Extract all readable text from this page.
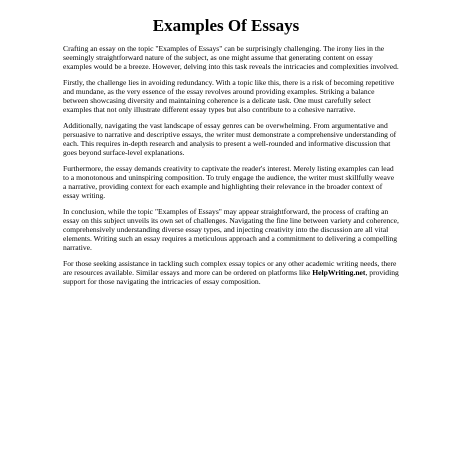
Examples Of Essays

Crafting an essay on the topic "Examples of Essays" can be surprisingly challenging. The irony lies in the seemingly straightforward nature of the subject, as one might assume that generating content on essay examples would be a breeze. However, delving into this task reveals the intricacies and complexities involved.

Firstly, the challenge lies in avoiding redundancy. With a topic like this, there is a risk of becoming repetitive and mundane, as the very essence of the essay revolves around providing examples. Striking a balance between showcasing diversity and maintaining coherence is a delicate task. One must carefully select examples that not only illustrate different essay types but also contribute to a cohesive narrative.

Additionally, navigating the vast landscape of essay genres can be overwhelming. From argumentative and persuasive to narrative and descriptive essays, the writer must demonstrate a comprehensive understanding of each. This requires in-depth research and analysis to present a well-rounded and informative discussion that goes beyond surface-level explanations.

Furthermore, the essay demands creativity to captivate the reader's interest. Merely listing examples can lead to a monotonous and uninspiring composition. To truly engage the audience, the writer must skillfully weave a narrative, providing context for each example and highlighting their relevance in the broader context of essay writing.

In conclusion, while the topic "Examples of Essays" may appear straightforward, the process of crafting an essay on this subject unveils its own set of challenges. Navigating the fine line between variety and coherence, comprehensively understanding diverse essay types, and injecting creativity into the discussion are all vital elements. Writing such an essay requires a meticulous approach and a commitment to delivering a compelling narrative.

For those seeking assistance in tackling such complex essay topics or any other academic writing needs, there are resources available. Similar essays and more can be ordered on platforms like HelpWriting.net, providing support for those navigating the intricacies of essay composition.
